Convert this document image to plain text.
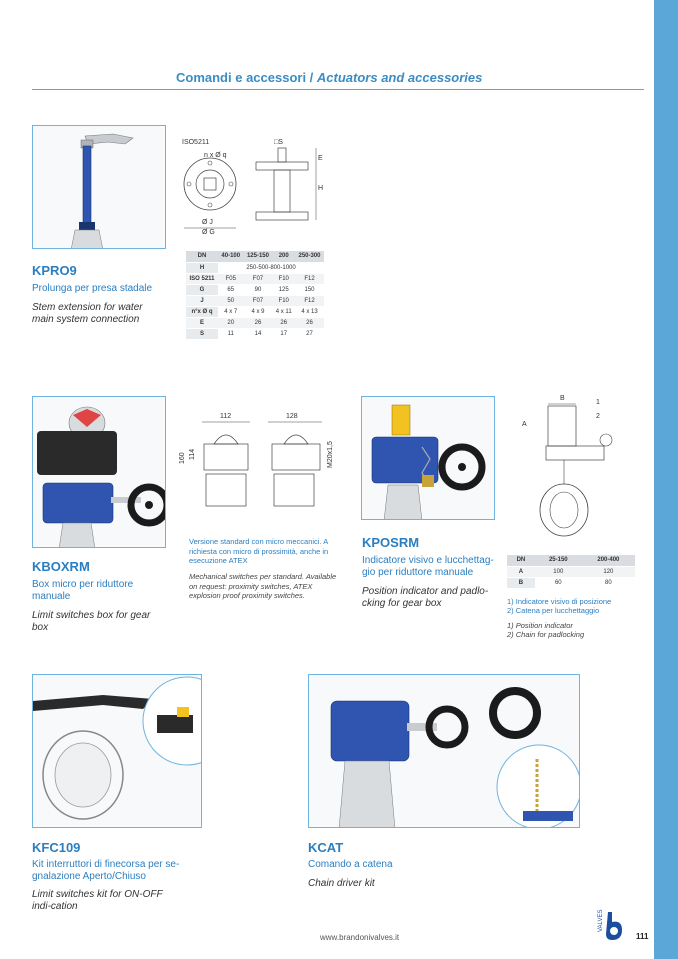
Comandi e accessori / Actuators and accessories
ISO5211
n x Ø q
Ø J
Ø G
□S
E
H
DN	40-100	125-150	200	250-300
H	250-500-800-1000			
ISO 5211	F05	F07	F10	F12
G	65	90	125	150
J	50	F07	F10	F12
n°x Ø q	4 x 7	4 x 9	4 x 11	4 x 13
E	20	26	26	26
S	11	14	17	27
KPRO9
Prolunga per presa stadale
Stem extension for water main system connection
112	128
160 114	M20x1,5
Versione standard con micro meccanici. A richiesta con micro di prossimità, anche in esecuzione ATEX
Mechanical switches per standard. Available on request: proximity switches, ATEX explosion proof proximity switches.
KBOXRM
Box micro per riduttore manuale
Limit switches box for gear box
B
1
2
A
DN	25-150	200-400
A	100	120
B	60	80
1) Indicatore visivo di posizione
2) Catena per lucchettaggio
1) Position indicator
2) Chain for padlocking
KPOSRM
Indicatore visivo e lucchettag-gio per riduttore manuale
Position indicator and padlo-cking for gear box
KFC109
Kit interruttori di finecorsa per se-gnalazione Aperto/Chiuso
Limit switches kit for ON-OFF indi-cation
KCAT
Comando a catena
Chain driver kit
www.brandonivalves.it
VALVES
111
